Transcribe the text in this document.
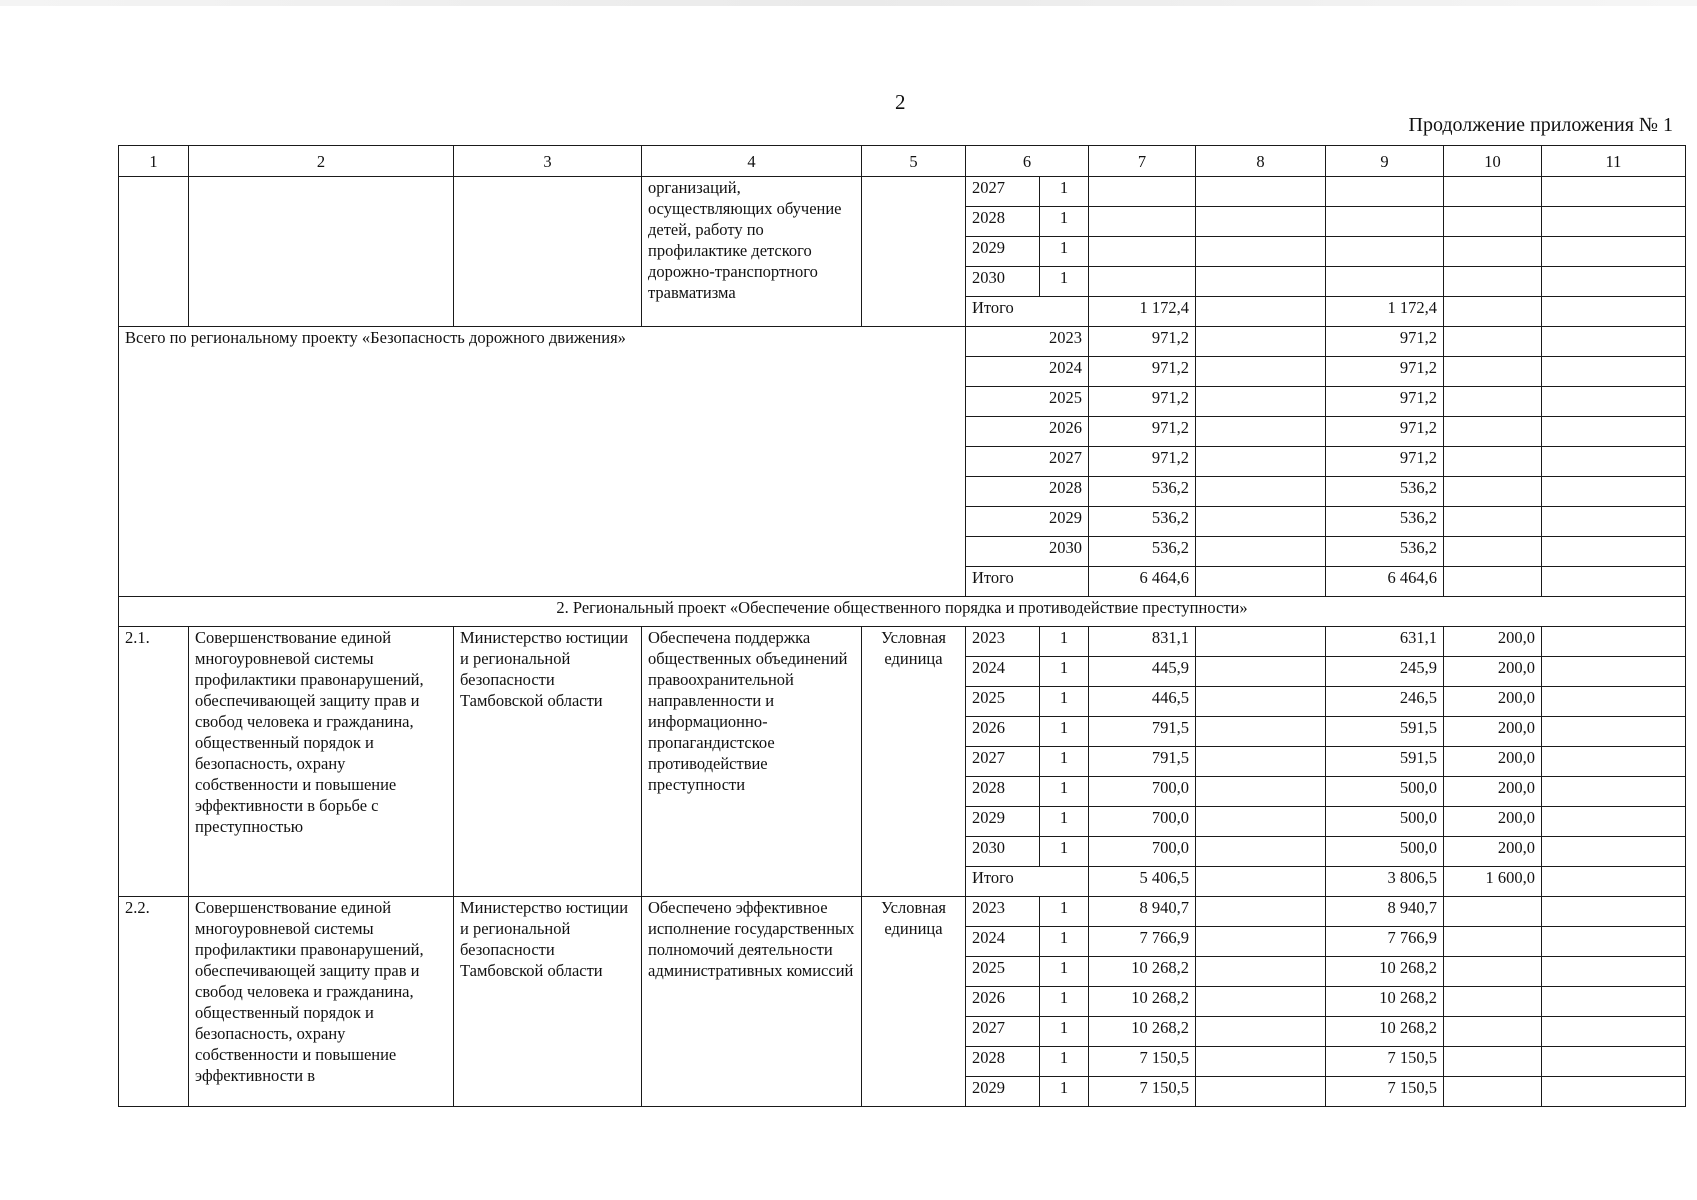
2
Продолжение приложения № 1
1	2	3	4	5	6		7	8	9	10	11
			организаций, осуществляющих обучение детей, работу по профилактике детского дорожно-транспортного травматизма		2027	1					
					2028	1					
					2029	1					
					2030	1					
					Итого		1 172,4		1 172,4		
Всего по региональному проекту «Безопасность дорожного движения»					2023		971,2		971,2		
					2024		971,2		971,2		
					2025		971,2		971,2		
					2026		971,2		971,2		
					2027		971,2		971,2		
					2028		536,2		536,2		
					2029		536,2		536,2		
					2030		536,2		536,2		
					Итого		6 464,6		6 464,6		
2. Региональный проект «Обеспечение общественного порядка и противодействие преступности»											
2.1.	Совершенствование единой многоуровневой системы профилактики правонарушений, обеспечивающей защиту прав и свобод человека и гражданина, общественный порядок и безопасность, охрану собственности и повышение эффективности в борьбе с преступностью	Министерство юстиции и региональной безопасности Тамбовской области	Обеспечена поддержка общественных объединений правоохранительной направленности и информационно-пропагандистское противодействие преступности	Условная единица	2023	1	831,1		631,1	200,0	
					2024	1	445,9		245,9	200,0	
					2025	1	446,5		246,5	200,0	
					2026	1	791,5		591,5	200,0	
					2027	1	791,5		591,5	200,0	
					2028	1	700,0		500,0	200,0	
					2029	1	700,0		500,0	200,0	
					2030	1	700,0		500,0	200,0	
					Итого		5 406,5		3 806,5	1 600,0	
2.2.	Совершенствование единой многоуровневой системы профилактики правонарушений, обеспечивающей защиту прав и свобод человека и гражданина, общественный порядок и безопасность, охрану собственности и повышение эффективности в	Министерство юстиции и региональной безопасности Тамбовской области	Обеспечено эффективное исполнение государственных полномочий деятельности административных комиссий	Условная единица	2023	1	8 940,7		8 940,7		
					2024	1	7 766,9		7 766,9		
					2025	1	10 268,2		10 268,2		
					2026	1	10 268,2		10 268,2		
					2027	1	10 268,2		10 268,2		
					2028	1	7 150,5		7 150,5		
					2029	1	7 150,5		7 150,5		
